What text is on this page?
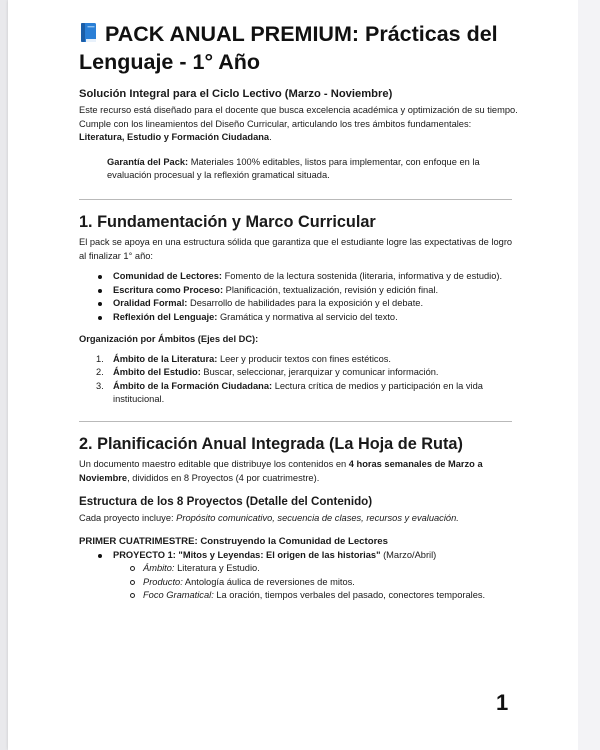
PACK ANUAL PREMIUM: Prácticas del Lenguaje - 1° Año
Solución Integral para el Ciclo Lectivo (Marzo - Noviembre)

Este recurso está diseñado para el docente que busca excelencia académica y optimización de su tiempo. Cumple con los lineamientos del Diseño Curricular, articulando los tres ámbitos fundamentales: Literatura, Estudio y Formación Ciudadana.

Garantía del Pack: Materiales 100% editables, listos para implementar, con enfoque en la evaluación procesual y la reflexión gramatical situada.

1. Fundamentación y Marco Curricular

El pack se apoya en una estructura sólida que garantiza que el estudiante logre las expectativas de logro al finalizar 1° año:

Comunidad de Lectores: Fomento de la lectura sostenida (literaria, informativa y de estudio).
Escritura como Proceso: Planificación, textualización, revisión y edición final.
Oralidad Formal: Desarrollo de habilidades para la exposición y el debate.
Reflexión del Lenguaje: Gramática y normativa al servicio del texto.
Organización por Ámbitos (Ejes del DC):
1. Ámbito de la Literatura: Leer y producir textos con fines estéticos.
2. Ámbito del Estudio: Buscar, seleccionar, jerarquizar y comunicar información.
3. Ámbito de la Formación Ciudadana: Lectura crítica de medios y participación en la vida institucional.
2. Planificación Anual Integrada (La Hoja de Ruta)

Un documento maestro editable que distribuye los contenidos en 4 horas semanales de Marzo a Noviembre, divididos en 8 Proyectos (4 por cuatrimestre).

Estructura de los 8 Proyectos (Detalle del Contenido)

Cada proyecto incluye: Propósito comunicativo, secuencia de clases, recursos y evaluación.

PRIMER CUATRIMESTRE: Construyendo la Comunidad de Lectores
PROYECTO 1: "Mitos y Leyendas: El origen de las historias" (Marzo/Abril)
Ámbito: Literatura y Estudio.
Producto: Antología áulica de reversiones de mitos.
Foco Gramatical: La oración, tiempos verbales del pasado, conectores temporales.
1
